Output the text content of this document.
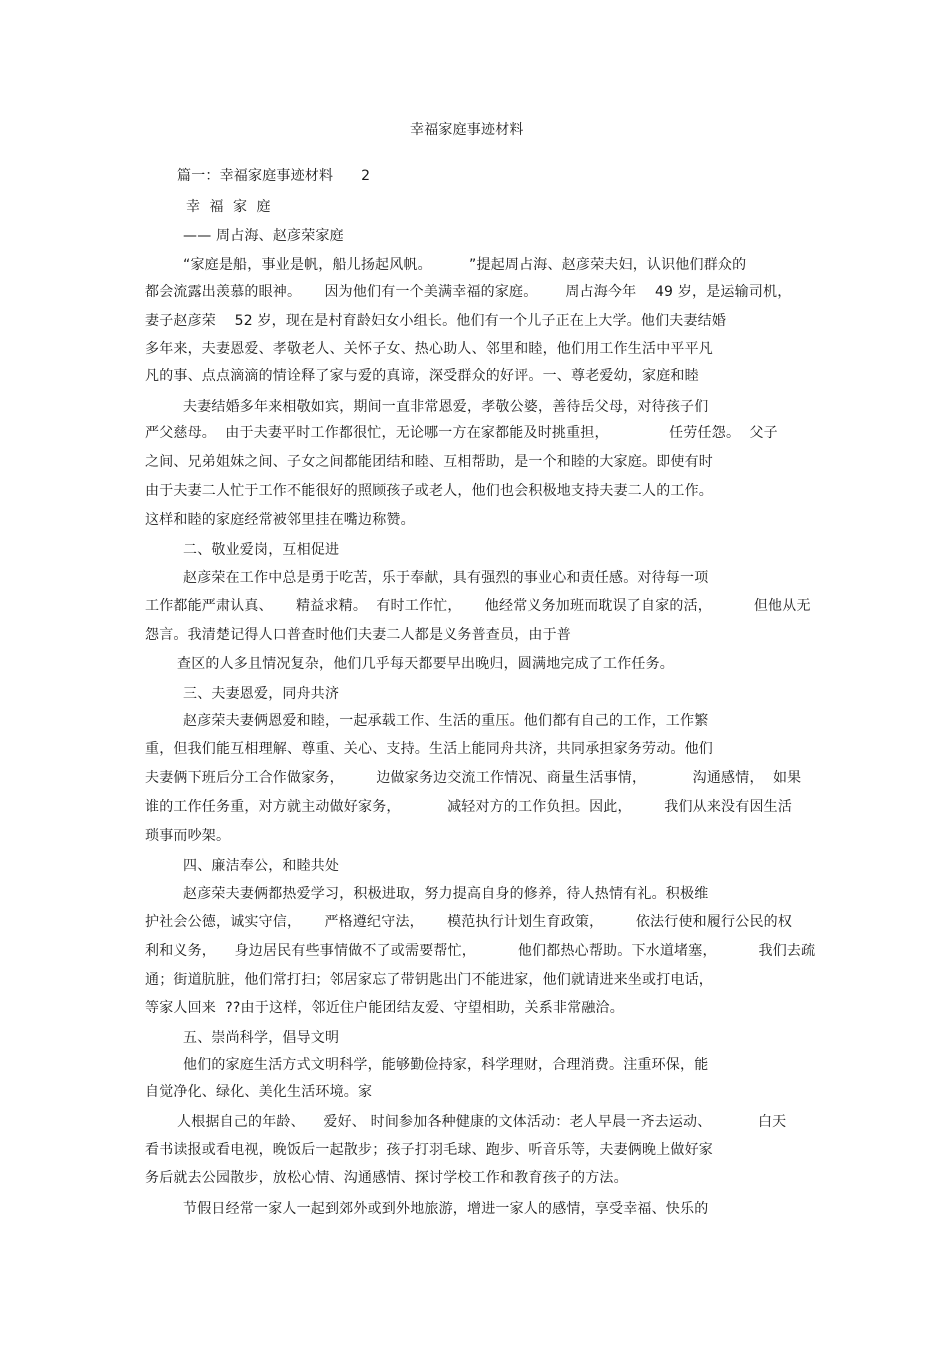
幸福家庭事迹材料
篇一：幸福家庭事迹材料      2
幸  福  家  庭
—— 周占海、赵彦荣家庭
“家庭是船，事业是帆，船儿扬起风帆。        ”提起周占海、赵彦荣夫妇，认识他们群众的
都会流露出羡慕的眼神。     因为他们有一个美满幸福的家庭。      周占海今年    49 岁，是运输司机，
妻子赵彦荣    52 岁，现在是村育龄妇女小组长。他们有一个儿子正在上大学。他们夫妻结婚
多年来，夫妻恩爱、孝敬老人、关怀子女、热心助人、邻里和睦，他们用工作生活中平平凡
凡的事、点点滴滴的情诠释了家与爱的真谛，深受群众的好评。一、尊老爱幼，家庭和睦
夫妻结婚多年来相敬如宾，期间一直非常恩爱，孝敬公婆，善待岳父母，对待孩子们
严父慈母。  由于夫妻平时工作都很忙，无论哪一方在家都能及时挑重担，             任劳任怨。  父子
之间、兄弟姐妹之间、子女之间都能团结和睦、互相帮助，是一个和睦的大家庭。即使有时
由于夫妻二人忙于工作不能很好的照顾孩子或老人，他们也会积极地支持夫妻二人的工作。
这样和睦的家庭经常被邻里挂在嘴边称赞。
二、敬业爱岗，互相促进
赵彦荣在工作中总是勇于吃苦，乐于奉献，具有强烈的事业心和责任感。对待每一项
工作都能严肃认真、     精益求精。  有时工作忙，     他经常义务加班而耽误了自家的活，         但他从无
怨言。我清楚记得人口普查时他们夫妻二人都是义务普查员，由于普
查区的人多且情况复杂，他们几乎每天都要早出晚归，圆满地完成了工作任务。
三、夫妻恩爱，同舟共济
赵彦荣夫妻俩恩爱和睦，一起承载工作、生活的重压。他们都有自己的工作，工作繁
重，但我们能互相理解、尊重、关心、支持。生活上能同舟共济，共同承担家务劳动。他们
夫妻俩下班后分工合作做家务，       边做家务边交流工作情况、商量生活事情，          沟通感情，  如果
谁的工作任务重，对方就主动做好家务，          减轻对方的工作负担。因此，       我们从来没有因生活
琐事而吵架。
四、廉洁奉公，和睦共处
赵彦荣夫妻俩都热爱学习，积极进取，努力提高自身的修养，待人热情有礼。积极维
护社会公德，诚实守信，     严格遵纪守法，     模范执行计划生育政策，       依法行使和履行公民的权
利和义务，    身边居民有些事情做不了或需要帮忙，         他们都热心帮助。下水道堵塞，         我们去疏
通；街道肮脏，他们常打扫；邻居家忘了带钥匙出门不能进家，他们就请进来坐或打电话，
等家人回来  ??由于这样，邻近住户能团结友爱、守望相助，关系非常融洽。
五、崇尚科学，倡导文明
他们的家庭生活方式文明科学，能够勤俭持家，科学理财，合理消费。注重环保，能
自觉净化、绿化、美化生活环境。家
人根据自己的年龄、    爱好、 时间参加各种健康的文体活动：老人早晨一齐去运动、          白天
看书读报或看电视，晚饭后一起散步；孩子打羽毛球、跑步、听音乐等，夫妻俩晚上做好家
务后就去公园散步，放松心情、沟通感情、探讨学校工作和教育孩子的方法。
节假日经常一家人一起到郊外或到外地旅游，增进一家人的感情，享受幸福、快乐的
